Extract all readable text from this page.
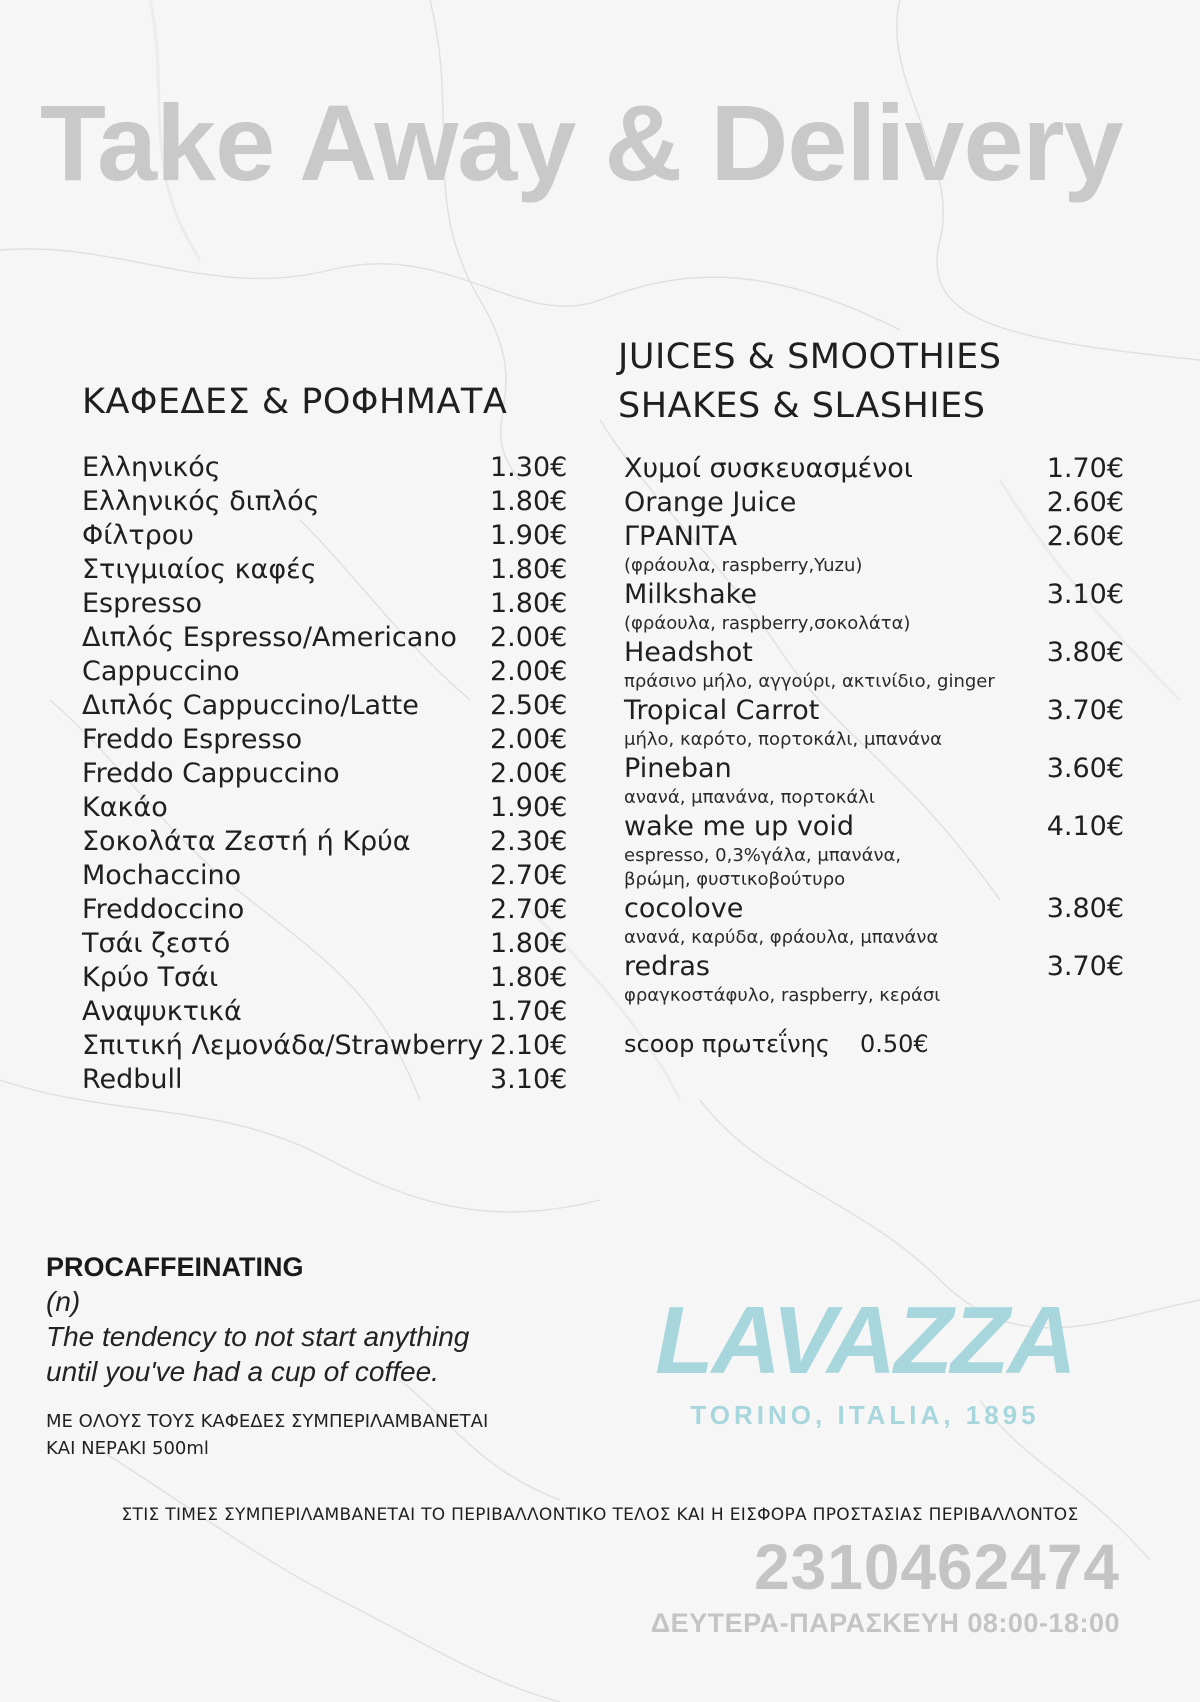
Take Away & Delivery
ΚΑΦΕΔΕΣ & ΡΟΦΗΜΑΤΑ
JUICES & SMOOTHIES
SHAKES & SLASHIES
Ελληνικός	1.30€
Ελληνικός διπλός	1.80€
Φίλτρου	1.90€
Στιγμιαίος καφές	1.80€
Espresso	1.80€
Διπλός Espresso/Americano 2.00€
Cappuccino	2.00€
Διπλός Cappuccino/Latte	2.50€
Freddo Espresso	2.00€
Freddo Cappuccino	2.00€
Κακάο	1.90€
Σοκολάτα Ζεστή ή Κρύα	2.30€
Mochaccino	2.70€
Freddoccino	2.70€
Τσάι ζεστό	1.80€
Κρύο Τσάι	1.80€
Αναψυκτικά	1.70€
Σπιτική Λεμονάδα/Strawberry 2.10€
Redbull	3.10€
Χυμοί συσκευασμένοι	1.70€
Orange Juice	2.60€
ΓΡΑΝΙΤΑ	2.60€
(φράουλα, raspberry,Yuzu)
Milkshake	3.10€
(φράουλα, raspberry,σοκολάτα)
Headshot	3.80€
πράσινο μήλο, αγγούρι, ακτινίδιο, ginger
Tropical Carrot	3.70€
μήλο, καρότο, πορτοκάλι, μπανάνα
Pineban	3.60€
ανανά, μπανάνα, πορτοκάλι
wake me up void	4.10€
espresso, 0,3%γάλα, μπανάνα,
βρώμη, φυστικοβούτυρο
cocolove	3.80€
ανανά, καρύδα, φράουλα, μπανάνα
redras	3.70€
φραγκοστάφυλο, raspberry, κεράσι
scoop πρωτεΐνης 0.50€
PROCAFFEINATING
(n)
The tendency to not start anything
until you've had a cup of coffee.
ΜΕ ΟΛΟΥΣ ΤΟΥΣ ΚΑΦΕΔΕΣ ΣΥΜΠΕΡΙΛΑΜΒΑΝΕΤΑΙ
ΚΑΙ ΝΕΡΑΚΙ 500ml
LAVAZZA
TORINO, ITALIA, 1895
ΣΤΙΣ ΤΙΜΕΣ ΣΥΜΠΕΡΙΛΑΜΒΑΝΕΤΑΙ ΤΟ ΠΕΡΙΒΑΛΛΟΝΤΙΚΟ ΤΕΛΟΣ ΚΑΙ Η ΕΙΣΦΟΡΑ ΠΡΟΣΤΑΣΙΑΣ ΠΕΡΙΒΑΛΛΟΝΤΟΣ
2310462474
ΔΕΥΤΕΡΑ-ΠΑΡΑΣΚΕΥΗ 08:00-18:00
